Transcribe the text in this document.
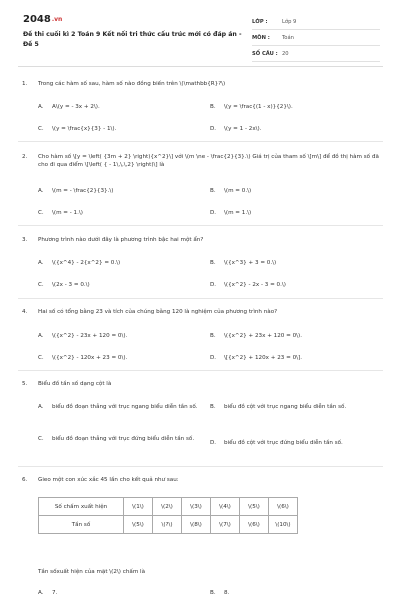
2048.vn
Đề thi cuối kì 2 Toán 9 Kết nối tri thức cấu trúc mới có đáp án - Đề 5
LỚP :	Lớp 9
MÔN :	Toán
SỐ CÂU : 20
1.	Trong các hàm số sau, hàm số nào đồng biến trên \(\mathbb{R}?\)
A.	A\(y = - 3x + 2\).	B.	\(y = \frac{(1 - x)}{2}\).
C.	\(y = \frac{x}{3} - 1\).	D.	\(y = 1 - 2x\).
2.	Cho hàm số \[y = \left( {3m + 2} \right){x^2}\] với \(m \ne - \frac{2}{3}.\) Giá trị của tham số \[m\] để đồ thị hàm số đã cho đi qua điểm \[\left( { - 1\,\,\,2} \right)\] là
A.	\(m = - \frac{2}{3}.\)	B.	\(m = 0.\)
C.	\(m = - 1.\)	D.	\(m = 1.\)
3.	Phương trình nào dưới đây là phương trình bậc hai một ẩn?
A.	\({x^4} - 2{x^2} = 0.\)	B.	\({x^3} + 3 = 0.\)
C.	\(2x - 3 = 0.\)	D.	\({x^2} - 2x - 3 = 0.\)
4.	Hai số có tổng bằng 23 và tích của chúng bằng 120 là nghiệm của phương trình nào?
A.	\({x^2} - 23x + 120 = 0\).	B.	\({x^2} + 23x + 120 = 0\).
C.	\({x^2} - 120x + 23 = 0\).	D.	\[{x^2} + 120x + 23 = 0\].
5.	Biểu đồ tần số dạng cột là
A.	biểu đồ đoạn thẳng với trục ngang biểu diễn tần số. B.	biểu đồ cột với trục ngang biểu diễn tần số.
C.	biểu đồ đoạn thẳng với trục đứng biểu diễn tần số.
D.	biểu đồ cột với trục đứng biểu diễn tần số.
6.	Gieo một con xúc xắc 45 lần cho kết quả như sau:
Số chấm xuất hiện	\(1\)	\(2\)	\(3\)	\(4\)	\(5\)	\(6\)
Tần số	\(5\)	\(?\)	\(8\)	\(7\)	\(6\)	\(10\)
Tần sốxuất hiện của mặt \(2\) chấm là
A.	7.	B.	8.
